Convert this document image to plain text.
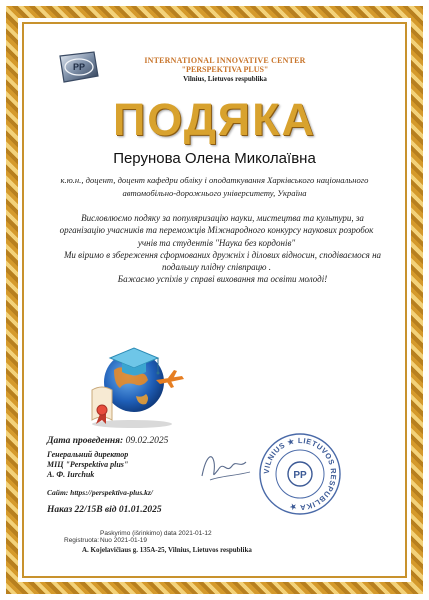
PP
INTERNATIONAL INNOVATIVE CENTER
"PERSPEKTIVA PLUS"
Vilnius, Lietuvos respublika
ПОДЯКА
Перунова Олена Миколаївна
к.ю.н., доцент, доцент кафедри обліку і оподаткування Харківського національного автомобільно-дорожнього університету, Україна

Висловлюємо подяку за популяризацію науки, мистецтва та культури, за організацію учасників та переможців Міжнародного конкурсу наукових розробок учнів та студентів "Наука без кордонів"

Ми віримо в збереження сформованих дружніх і ділових відносин, сподіваємося на подальшу плідну співпрацю .

Бажаємо успіхів у справі виховання та освіти молоді!

Дата проведення: 09.02.2025
Генеральний директор
МІЦ "Perspektiva plus"
А. Ф. Iurchuk
Сайт: https://perspektiva-plus.kz/
Наказ 22/15В від 01.01.2025
VILNIUS ★ LIETUVOS RESPUBLIKA ★
PP
Registruota:
Paskyrimo (išrinkimo) data 2021-01-12
Nuo 2021-01-19
A. Kojelavičiaus g. 135A-25, Vilnius, Lietuvos respublika
